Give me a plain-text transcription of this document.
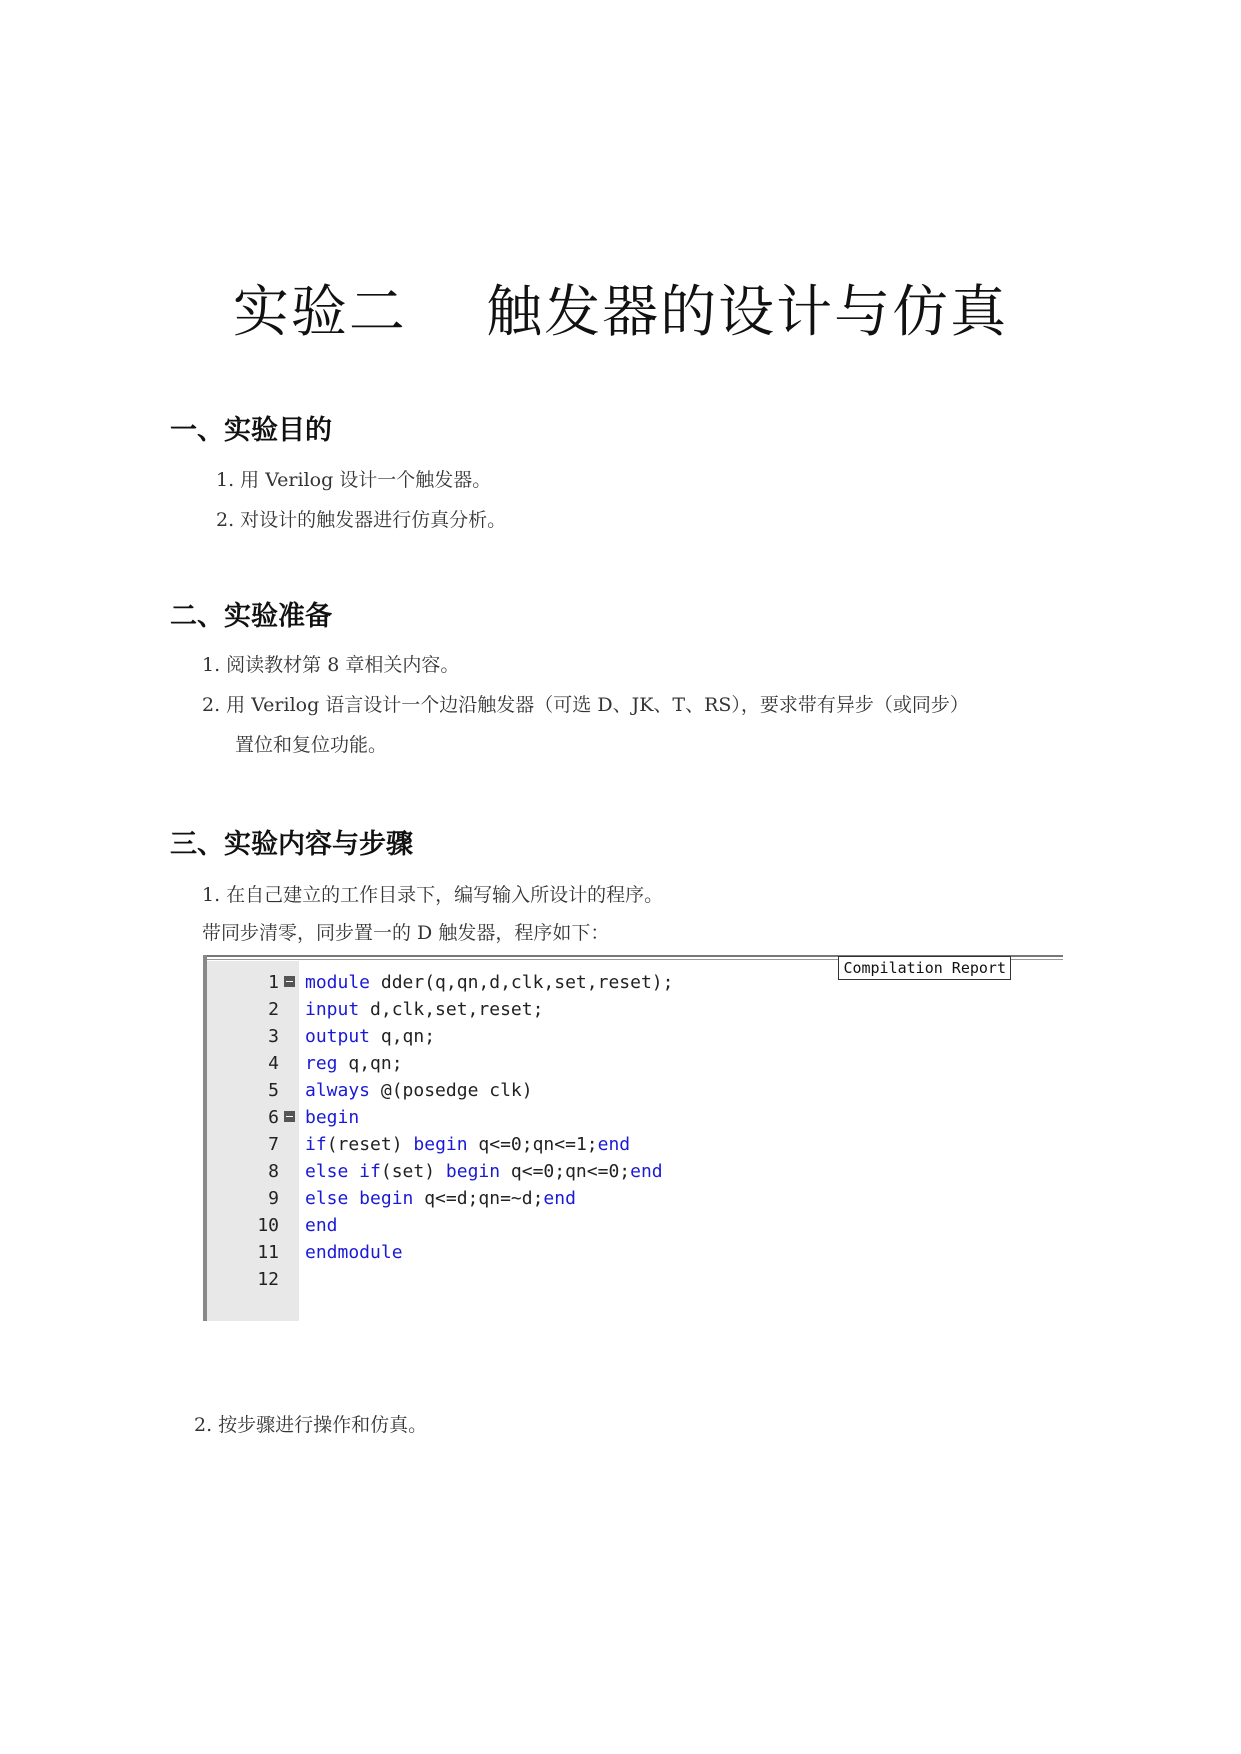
实验二    触发器的设计与仿真
一、实验目的
1. 用 Verilog 设计一个触发器。
2. 对设计的触发器进行仿真分析。
二、实验准备
1. 阅读教材第 8 章相关内容。
2. 用 Verilog 语言设计一个边沿触发器（可选 D、JK、T、RS），要求带有异步（或同步）
置位和复位功能。
三、实验内容与步骤
1. 在自己建立的工作目录下，编写输入所设计的程序。
带同步清零，同步置一的 D 触发器，程序如下：
Compilation Report
1 module dder(q,qn,d,clk,set,reset);
2 input d,clk,set,reset;
3 output q,qn;
4 reg q,qn;
5 always @(posedge clk)
6 begin
7 if(reset) begin q<=0;qn<=1;end
8 else if(set) begin q<=0;qn<=0;end
9 else begin q<=d;qn=~d;end
10 end
11 endmodule
12
2. 按步骤进行操作和仿真。
